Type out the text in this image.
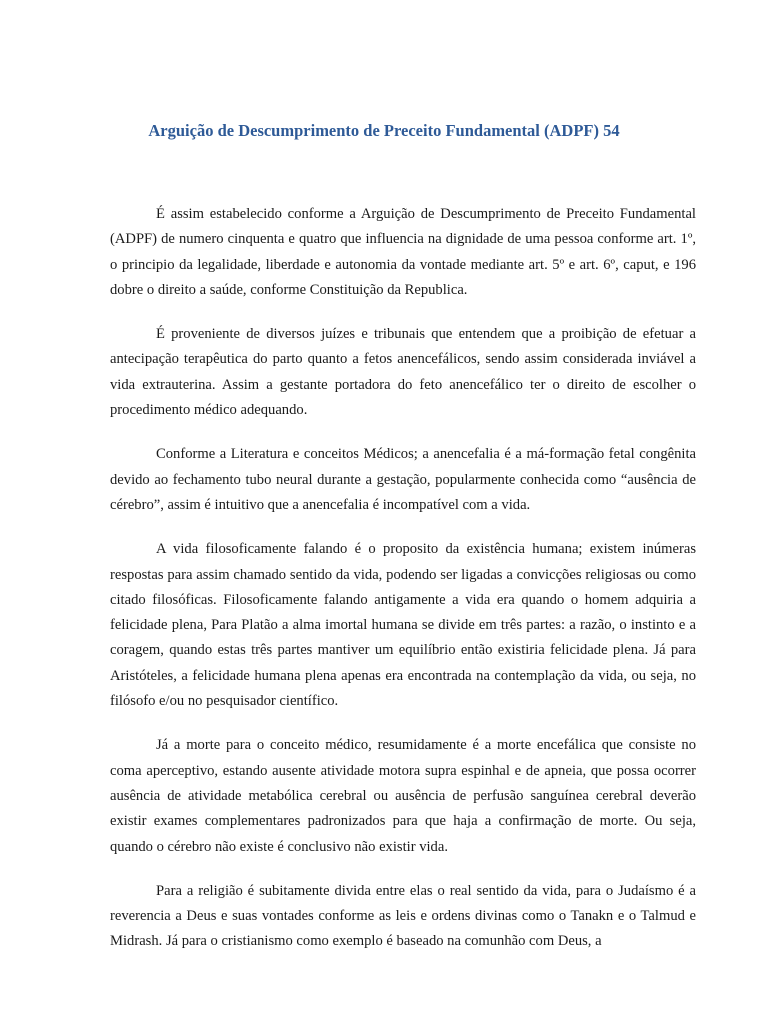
Arguição de Descumprimento de Preceito Fundamental (ADPF) 54

É assim estabelecido conforme a Arguição de Descumprimento de Preceito Fundamental (ADPF) de numero cinquenta e quatro que influencia na dignidade de uma pessoa conforme art. 1º, o principio da legalidade, liberdade e autonomia da vontade mediante art. 5º e art. 6º, caput, e 196 dobre o direito a saúde, conforme Constituição da Republica.

É proveniente de diversos juízes e tribunais que entendem que a proibição de efetuar a antecipação terapêutica do parto quanto a fetos anencefálicos, sendo assim considerada inviável a vida extrauterina. Assim a gestante portadora do feto anencefálico ter o direito de escolher o procedimento médico adequando.

Conforme a Literatura e conceitos Médicos; a anencefalia é a má-formação fetal congênita devido ao fechamento tubo neural durante a gestação, popularmente conhecida como “ausência de cérebro”, assim é intuitivo que a anencefalia é incompatível com a vida.

A vida filosoficamente falando é o proposito da existência humana; existem inúmeras respostas para assim chamado sentido da vida, podendo ser ligadas a convicções religiosas ou como citado filosóficas. Filosoficamente falando antigamente a vida era quando o homem adquiria a felicidade plena, Para Platão a alma imortal humana se divide em três partes: a razão, o instinto e a coragem, quando estas três partes mantiver um equilíbrio então existiria felicidade plena. Já para Aristóteles, a felicidade humana plena apenas era encontrada na contemplação da vida, ou seja, no filósofo e/ou no pesquisador científico.

Já a morte para o conceito médico, resumidamente é a morte encefálica que consiste no coma aperceptivo, estando ausente atividade motora supra espinhal e de apneia, que possa ocorrer ausência de atividade metabólica cerebral ou ausência de perfusão sanguínea cerebral deverão existir exames complementares padronizados para que haja a confirmação de morte. Ou seja, quando o cérebro não existe é conclusivo não existir vida.

Para a religião é subitamente divida entre elas o real sentido da vida, para o Judaísmo é a reverencia a Deus e suas vontades conforme as leis e ordens divinas como o Tanakn e o Talmud e Midrash. Já para o cristianismo como exemplo é baseado na comunhão com Deus, a
